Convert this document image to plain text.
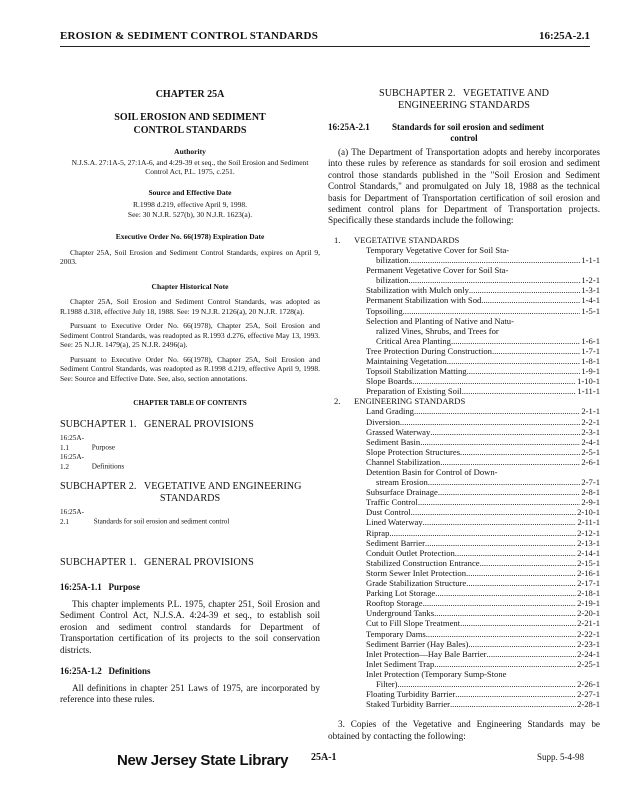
EROSION & SEDIMENT CONTROL STANDARDS	16:25A-2.1
CHAPTER 25A
SOIL EROSION AND SEDIMENT
CONTROL STANDARDS
Authority
N.J.S.A. 27:1A-5, 27:1A-6, and 4:29-39 et seq., the Soil Erosion and Sediment Control Act, P.L. 1975, c.251.
Source and Effective Date
R.1998 d.219, effective April 9, 1998.
See: 30 N.J.R. 527(b), 30 N.J.R. 1623(a).
Executive Order No. 66(1978) Expiration Date
Chapter 25A, Soil Erosion and Sediment Control Standards, expires on April 9, 2003.
Chapter Historical Note
Chapter 25A, Soil Erosion and Sediment Control Standards, was adopted as R.1988 d.318, effective July 18, 1988. See: 19 N.J.R. 2126(a), 20 N.J.R. 1728(a).
Pursuant to Executive Order No. 66(1978), Chapter 25A, Soil Erosion and Sediment Control Standards, was readopted as R.1993 d.276, effective May 13, 1993. See: 25 N.J.R. 1479(a), 25 N.J.R. 2496(a).
Pursuant to Executive Order No. 66(1978), Chapter 25A, Soil Erosion and Sediment Control Standards, was readopted as R.1998 d.219, effective April 9, 1998. See: Source and Effective Date. See, also, section annotations.
CHAPTER TABLE OF CONTENTS
SUBCHAPTER 1.   GENERAL PROVISIONS
16:25A-1.1	Purpose
16:25A-1.2	Definitions
SUBCHAPTER 2.   VEGETATIVE AND ENGINEERING
STANDARDS
16:25A-2.1	Standards for soil erosion and sediment control
SUBCHAPTER 1.   GENERAL PROVISIONS
16:25A-1.1   Purpose
This chapter implements P.L. 1975, chapter 251, Soil Erosion and Sediment Control Act, N.J.S.A. 4:24-39 et seq., to establish soil erosion and sediment control standards for Department of Transportation certification of its projects to the soil conservation districts.
16:25A-1.2   Definitions
All definitions in chapter 251 Laws of 1975, are incorporated by reference into these rules.
SUBCHAPTER 2.   VEGETATIVE AND
ENGINEERING STANDARDS
16:25A-2.1 Standards for soil erosion and sediment
control
(a) The Department of Transportation adopts and hereby incorporates into these rules by reference as standards for soil erosion and sediment control those standards published in the "Soil Erosion and Sediment Control Standards," and promulgated on July 18, 1988 as the technical basis for Department of Transportation certification of soil erosion and sediment control plans for Department of Transportation projects. Specifically these standards include the following:
1. VEGETATIVE STANDARDS
Temporary Vegetative Cover for Soil Sta-
bilization .....	1-1-1
Permanent Vegetative Cover for Soil Sta-
bilization .....	1-2-1
Stabilization with Mulch only .....	1-3-1
Permanent Stabilization with Sod .....	1-4-1
Topsoiling .....	1-5-1
Selection and Planting of Native and Natu-
ralized Vines, Shrubs, and Trees for
Critical Area Planting .....	1-6-1
Tree Protection During Construction .....	1-7-1
Maintaining Vegetation .....	1-8-1
Topsoil Stabilization Matting .....	1-9-1
Slope Boards .....	1-10-1
Preparation of Existing Soil .....	1-11-1
2. ENGINEERING STANDARDS
Land Grading .....	2-1-1
Diversion .....	2-2-1
Grassed Waterway .....	2-3-1
Sediment Basin .....	2-4-1
Slope Protection Structures .....	2-5-1
Channel Stabilization .....	2-6-1
Detention Basin for Control of Down-
stream Erosion .....	2-7-1
Subsurface Drainage .....	2-8-1
Traffic Control .....	2-9-1
Dust Control .....	2-10-1
Lined Waterway .....	2-11-1
Riprap .....	2-12-1
Sediment Barrier .....	2-13-1
Conduit Outlet Protection .....	2-14-1
Stabilized Construction Entrance .....	2-15-1
Storm Sewer Inlet Protection .....	2-16-1
Grade Stabilization Structure .....	2-17-1
Parking Lot Storage .....	2-18-1
Rooftop Storage .....	2-19-1
Underground Tanks .....	2-20-1
Cut to Fill Slope Treatment .....	2-21-1
Temporary Dams .....	2-22-1
Sediment Barrier (Hay Bales) .....	2-23-1
Inlet Protection—Hay Bale Barrier .....	2-24-1
Inlet Sediment Trap .....	2-25-1
Inlet Protection (Temporary Sump-Stone
Filter) .....	2-26-1
Floating Turbidity Barrier .....	2-27-1
Staked Turbidity Barrier .....	2-28-1
3. Copies of the Vegetative and Engineering Standards may be obtained by contacting the following:
New Jersey State Library 25A-1	Supp. 5-4-98
